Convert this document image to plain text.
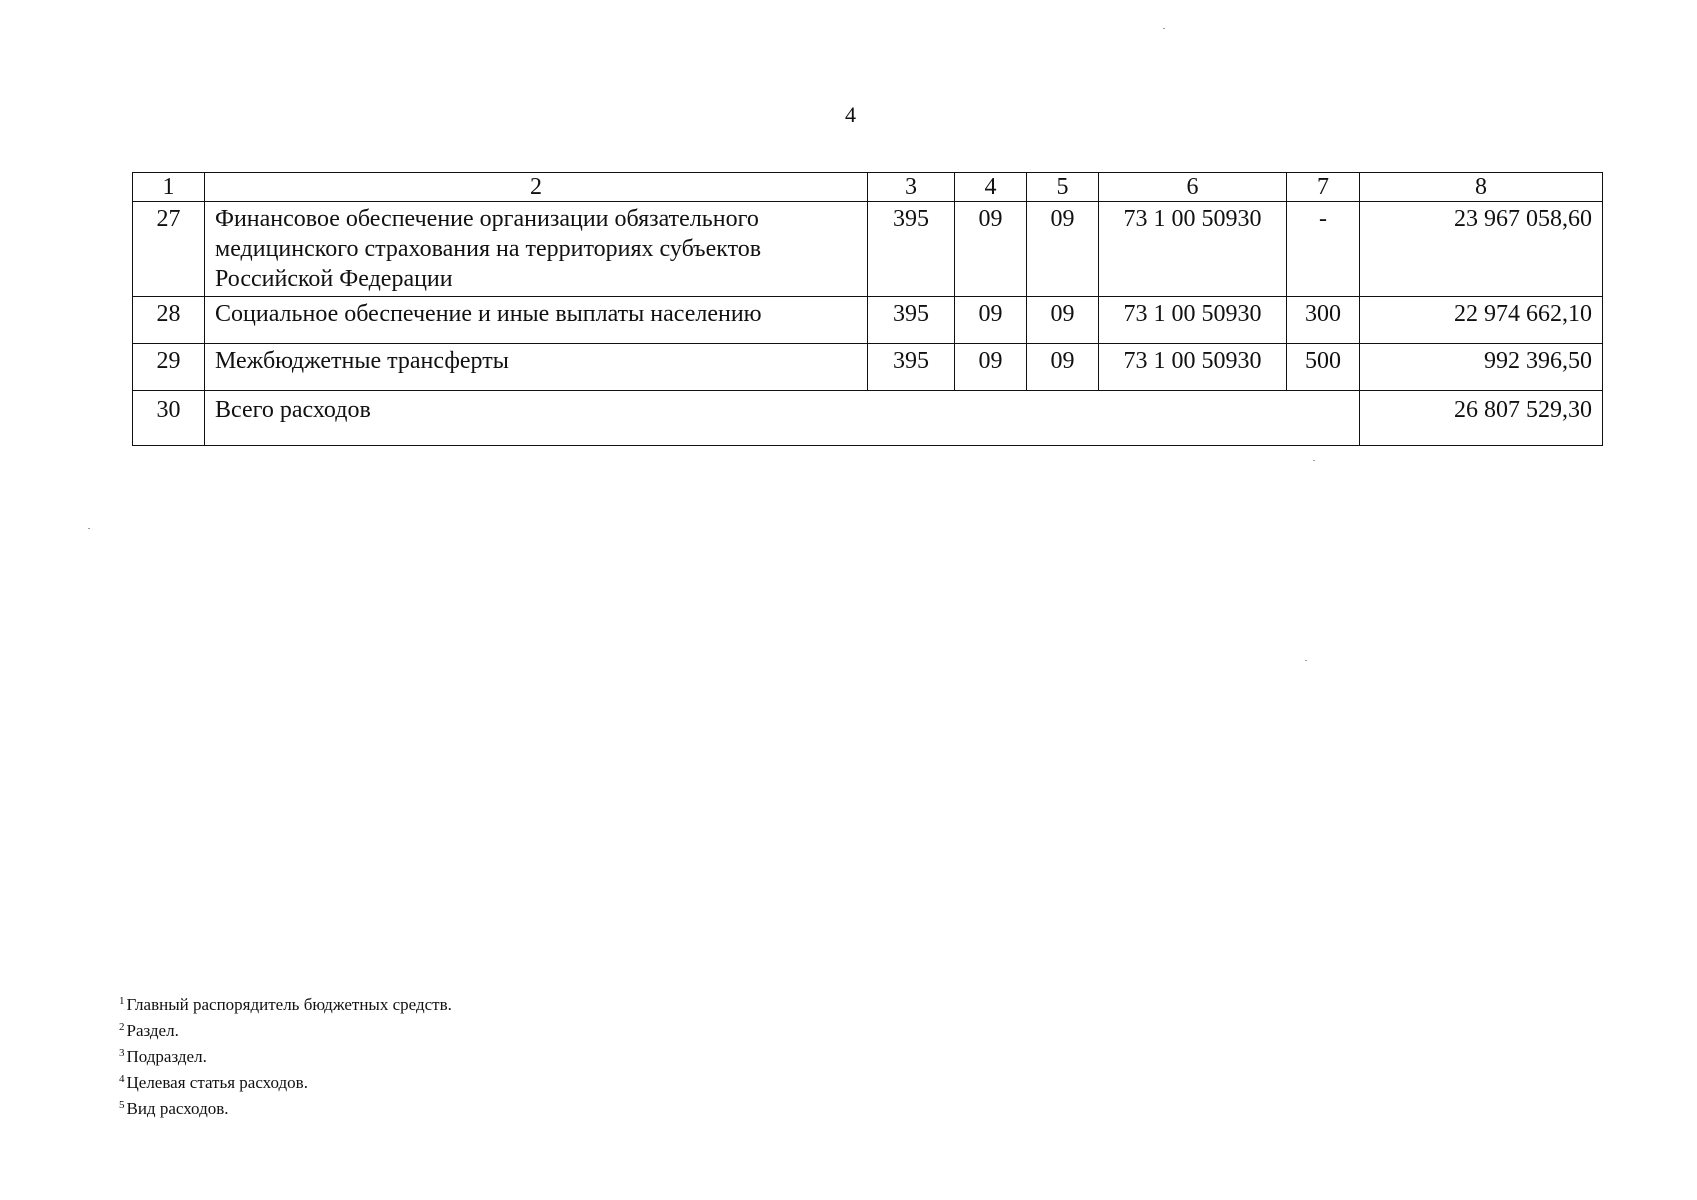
4
1	2	3	4	5	6	7	8
27	Финансовое обеспечение организации обязательного медицинского страхования на территориях субъектов Российской Федерации	395	09	09	73 1 00 50930	-	23 967 058,60
28	Социальное обеспечение и иные выплаты населению	395	09	09	73 1 00 50930	300	22 974 662,10
29	Межбюджетные трансферты	395	09	09	73 1 00 50930	500	992 396,50
30	Всего расходов						26 807 529,30
$^1$ Главный распорядитель бюджетных средств.
$^2$ Раздел.
$^3$ Подраздел.
$^4$ Целевая статья расходов.
$^5$ Вид расходов.
